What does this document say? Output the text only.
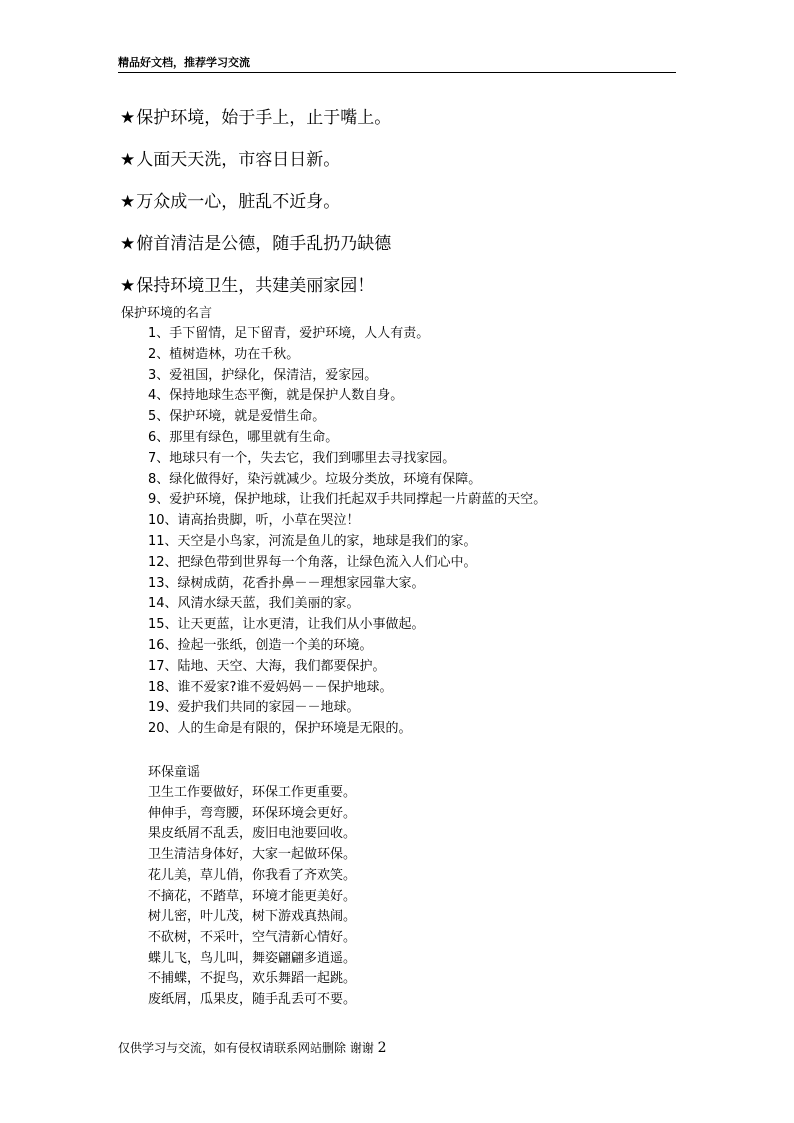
精品好文档，推荐学习交流

★保护环境，始于手上，止于嘴上。

★人面天天洗，市容日日新。

★万众成一心，脏乱不近身。

★俯首清洁是公德，随手乱扔乃缺德

★保持环境卫生，共建美丽家园！

保护环境的名言
1、手下留情，足下留青，爱护环境，人人有责。
2、植树造林，功在千秋。
3、爱祖国，护绿化，保清洁，爱家园。
4、保持地球生态平衡，就是保护人数自身。
5、保护环境，就是爱惜生命。
6、那里有绿色，哪里就有生命。
7、地球只有一个，失去它，我们到哪里去寻找家园。
8、绿化做得好，染污就减少。垃圾分类放，环境有保障。
9、爱护环境，保护地球，让我们托起双手共同撑起一片蔚蓝的天空。
10、请高抬贵脚，听，小草在哭泣！
11、天空是小鸟家，河流是鱼儿的家，地球是我们的家。
12、把绿色带到世界每一个角落，让绿色流入人们心中。
13、绿树成荫，花香扑鼻－－理想家园靠大家。
14、风清水绿天蓝，我们美丽的家。
15、让天更蓝，让水更清，让我们从小事做起。
16、捡起一张纸，创造一个美的环境。
17、陆地、天空、大海，我们都要保护。
18、谁不爱家?谁不爱妈妈－－保护地球。
19、爱护我们共同的家园－－地球。
20、人的生命是有限的，保护环境是无限的。
环保童谣
卫生工作要做好，环保工作更重要。
伸伸手，弯弯腰，环保环境会更好。
果皮纸屑不乱丢，废旧电池要回收。
卫生清洁身体好，大家一起做环保。
花儿美，草儿俏，你我看了齐欢笑。
不摘花，不踏草，环境才能更美好。
树儿密，叶儿茂，树下游戏真热闹。
不砍树，不采叶，空气清新心情好。
蝶儿飞，鸟儿叫，舞姿翩翩多逍遥。
不捕蝶，不捉鸟，欢乐舞蹈一起跳。
废纸屑，瓜果皮，随手乱丢可不要。
仅供学习与交流，如有侵权请联系网站删除 谢谢 2
